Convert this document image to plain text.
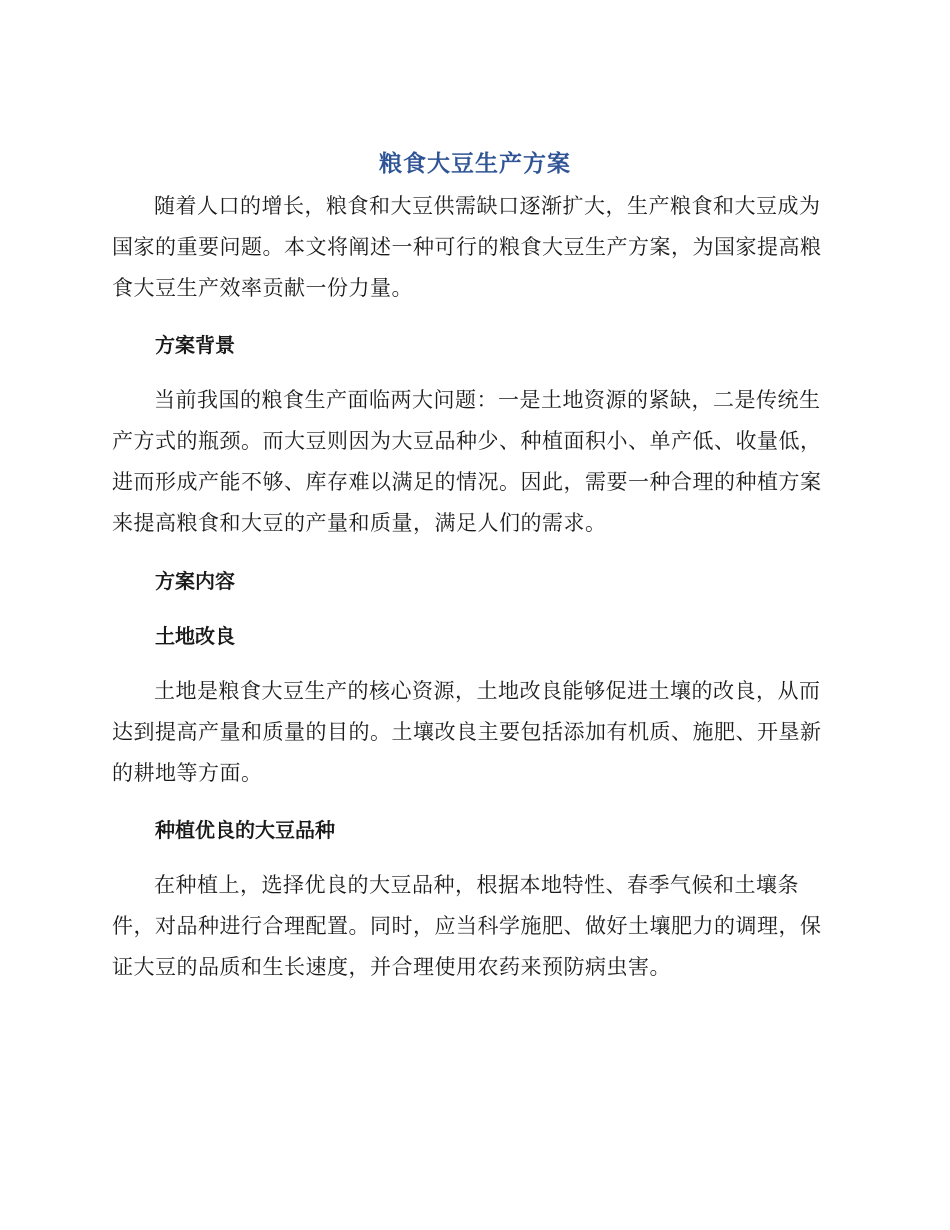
粮食大豆生产方案

随着人口的增长，粮食和大豆供需缺口逐渐扩大，生产粮食和大豆成为国家的重要问题。本文将阐述一种可行的粮食大豆生产方案，为国家提高粮食大豆生产效率贡献一份力量。

方案背景

当前我国的粮食生产面临两大问题：一是土地资源的紧缺，二是传统生产方式的瓶颈。而大豆则因为大豆品种少、种植面积小、单产低、收量低，进而形成产能不够、库存难以满足的情况。因此，需要一种合理的种植方案来提高粮食和大豆的产量和质量，满足人们的需求。

方案内容
土地改良

土地是粮食大豆生产的核心资源，土地改良能够促进土壤的改良，从而达到提高产量和质量的目的。土壤改良主要包括添加有机质、施肥、开垦新的耕地等方面。

种植优良的大豆品种

在种植上，选择优良的大豆品种，根据本地特性、春季气候和土壤条件，对品种进行合理配置。同时，应当科学施肥、做好土壤肥力的调理，保证大豆的品质和生长速度，并合理使用农药来预防病虫害。
